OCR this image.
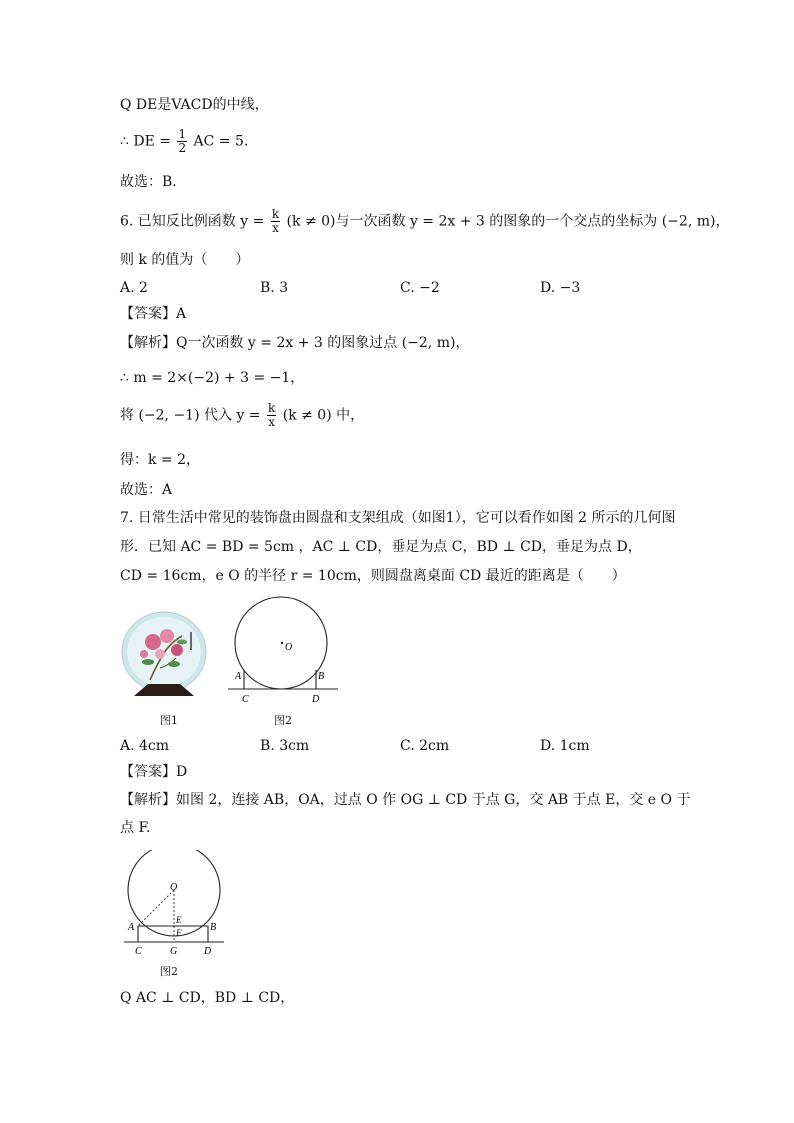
Q DE是VACD的中线，
∴ DE = $\frac{1}{2}$ AC = 5.
故选：B．
6. 已知反比例函数 $y = \frac{k}{x} (k \ne 0)$与一次函数 y = 2x + 3 的图象的一个交点的坐标为 (−2, m)，
则 k 的值为（　　）
A. 2	B. 3	C. −2	D. −3
【答案】A
【解析】Q一次函数 y = 2x + 3 的图象过点 (−2, m)，
∴ m = 2×(−2) + 3 = −1，
将 (−2, −1) 代入 $y = \frac{k}{x} (k \ne 0)$ 中，
得：k = 2，
故选：A
7. 日常生活中常见的装饰盘由圆盘和支架组成（如图1），它可以看作如图 2 所示的几何图
形．已知 AC = BD = 5cm ，AC ⊥ CD，垂足为点 C，BD ⊥ CD，垂足为点 D，
CD = 16cm，e O 的半径 r = 10cm，则圆盘离桌面 CD 最近的距离是（　　）
图1
O
A	B
C	D
图2
A. 4cm	B. 3cm	C. 2cm	D. 1cm
【答案】D
【解析】如图 2，连接 AB，OA，过点 O 作 OG ⊥ CD 于点 G，交 AB 于点 E，交 e O 于
点 F.
O
A	B
E
F
C	G	D
图2
Q AC ⊥ CD，BD ⊥ CD，
